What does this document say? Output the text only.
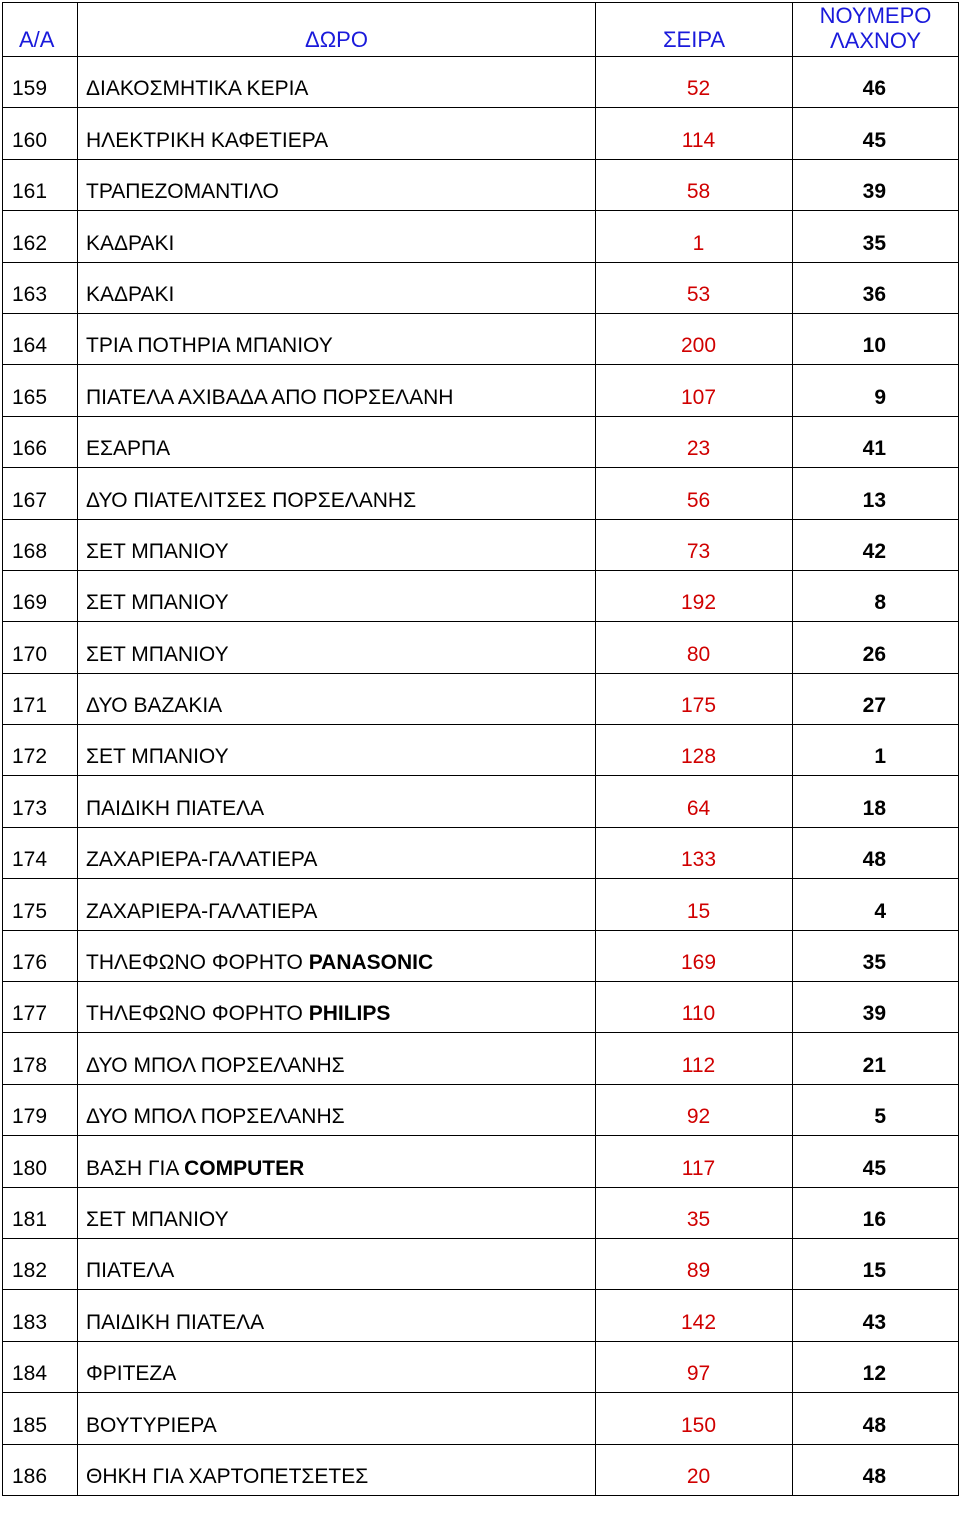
Α/Α	ΔΩΡΟ	ΣΕΙΡΑ	ΝΟΥΜΕΡΟ
ΛΑΧΝΟΥ
159	ΔΙΑΚΟΣΜΗΤΙΚΑ ΚΕΡΙΑ	52	46
160	ΗΛΕΚΤΡΙΚΗ ΚΑΦΕΤΙΕΡΑ	114	45
161	ΤΡΑΠΕΖΟΜΑΝΤΙΛΟ	58	39
162	ΚΑΔΡΑΚΙ	1	35
163	ΚΑΔΡΑΚΙ	53	36
164	ΤΡΙΑ ΠΟΤΗΡΙΑ ΜΠΑΝΙΟΥ	200	10
165	ΠΙΑΤΕΛΑ ΑΧΙΒΑΔΑ ΑΠΟ ΠΟΡΣΕΛΑΝΗ	107	9
166	ΕΣΑΡΠΑ	23	41
167	ΔΥΟ ΠΙΑΤΕΛΙΤΣΕΣ ΠΟΡΣΕΛΑΝΗΣ	56	13
168	ΣΕΤ ΜΠΑΝΙΟΥ	73	42
169	ΣΕΤ ΜΠΑΝΙΟΥ	192	8
170	ΣΕΤ ΜΠΑΝΙΟΥ	80	26
171	ΔΥΟ ΒΑΖΑΚΙΑ	175	27
172	ΣΕΤ ΜΠΑΝΙΟΥ	128	1
173	ΠΑΙΔΙΚΗ ΠΙΑΤΕΛΑ	64	18
174	ΖΑΧΑΡΙΕΡΑ-ΓΑΛΑΤΙΕΡΑ	133	48
175	ΖΑΧΑΡΙΕΡΑ-ΓΑΛΑΤΙΕΡΑ	15	4
176	ΤΗΛΕΦΩΝΟ ΦΟΡΗΤΟ PANASONIC	169	35
177	ΤΗΛΕΦΩΝΟ ΦΟΡΗΤΟ PHILIPS	110	39
178	ΔΥΟ ΜΠΟΛ ΠΟΡΣΕΛΑΝΗΣ	112	21
179	ΔΥΟ ΜΠΟΛ ΠΟΡΣΕΛΑΝΗΣ	92	5
180	ΒΑΣΗ ΓΙΑ COMPUTER	117	45
181	ΣΕΤ ΜΠΑΝΙΟΥ	35	16
182	ΠΙΑΤΕΛΑ	89	15
183	ΠΑΙΔΙΚΗ ΠΙΑΤΕΛΑ	142	43
184	ΦΡΙΤΕΖΑ	97	12
185	ΒΟΥΤΥΡΙΕΡΑ	150	48
186	ΘΗΚΗ ΓΙΑ ΧΑΡΤΟΠΕΤΣΕΤΕΣ	20	48
